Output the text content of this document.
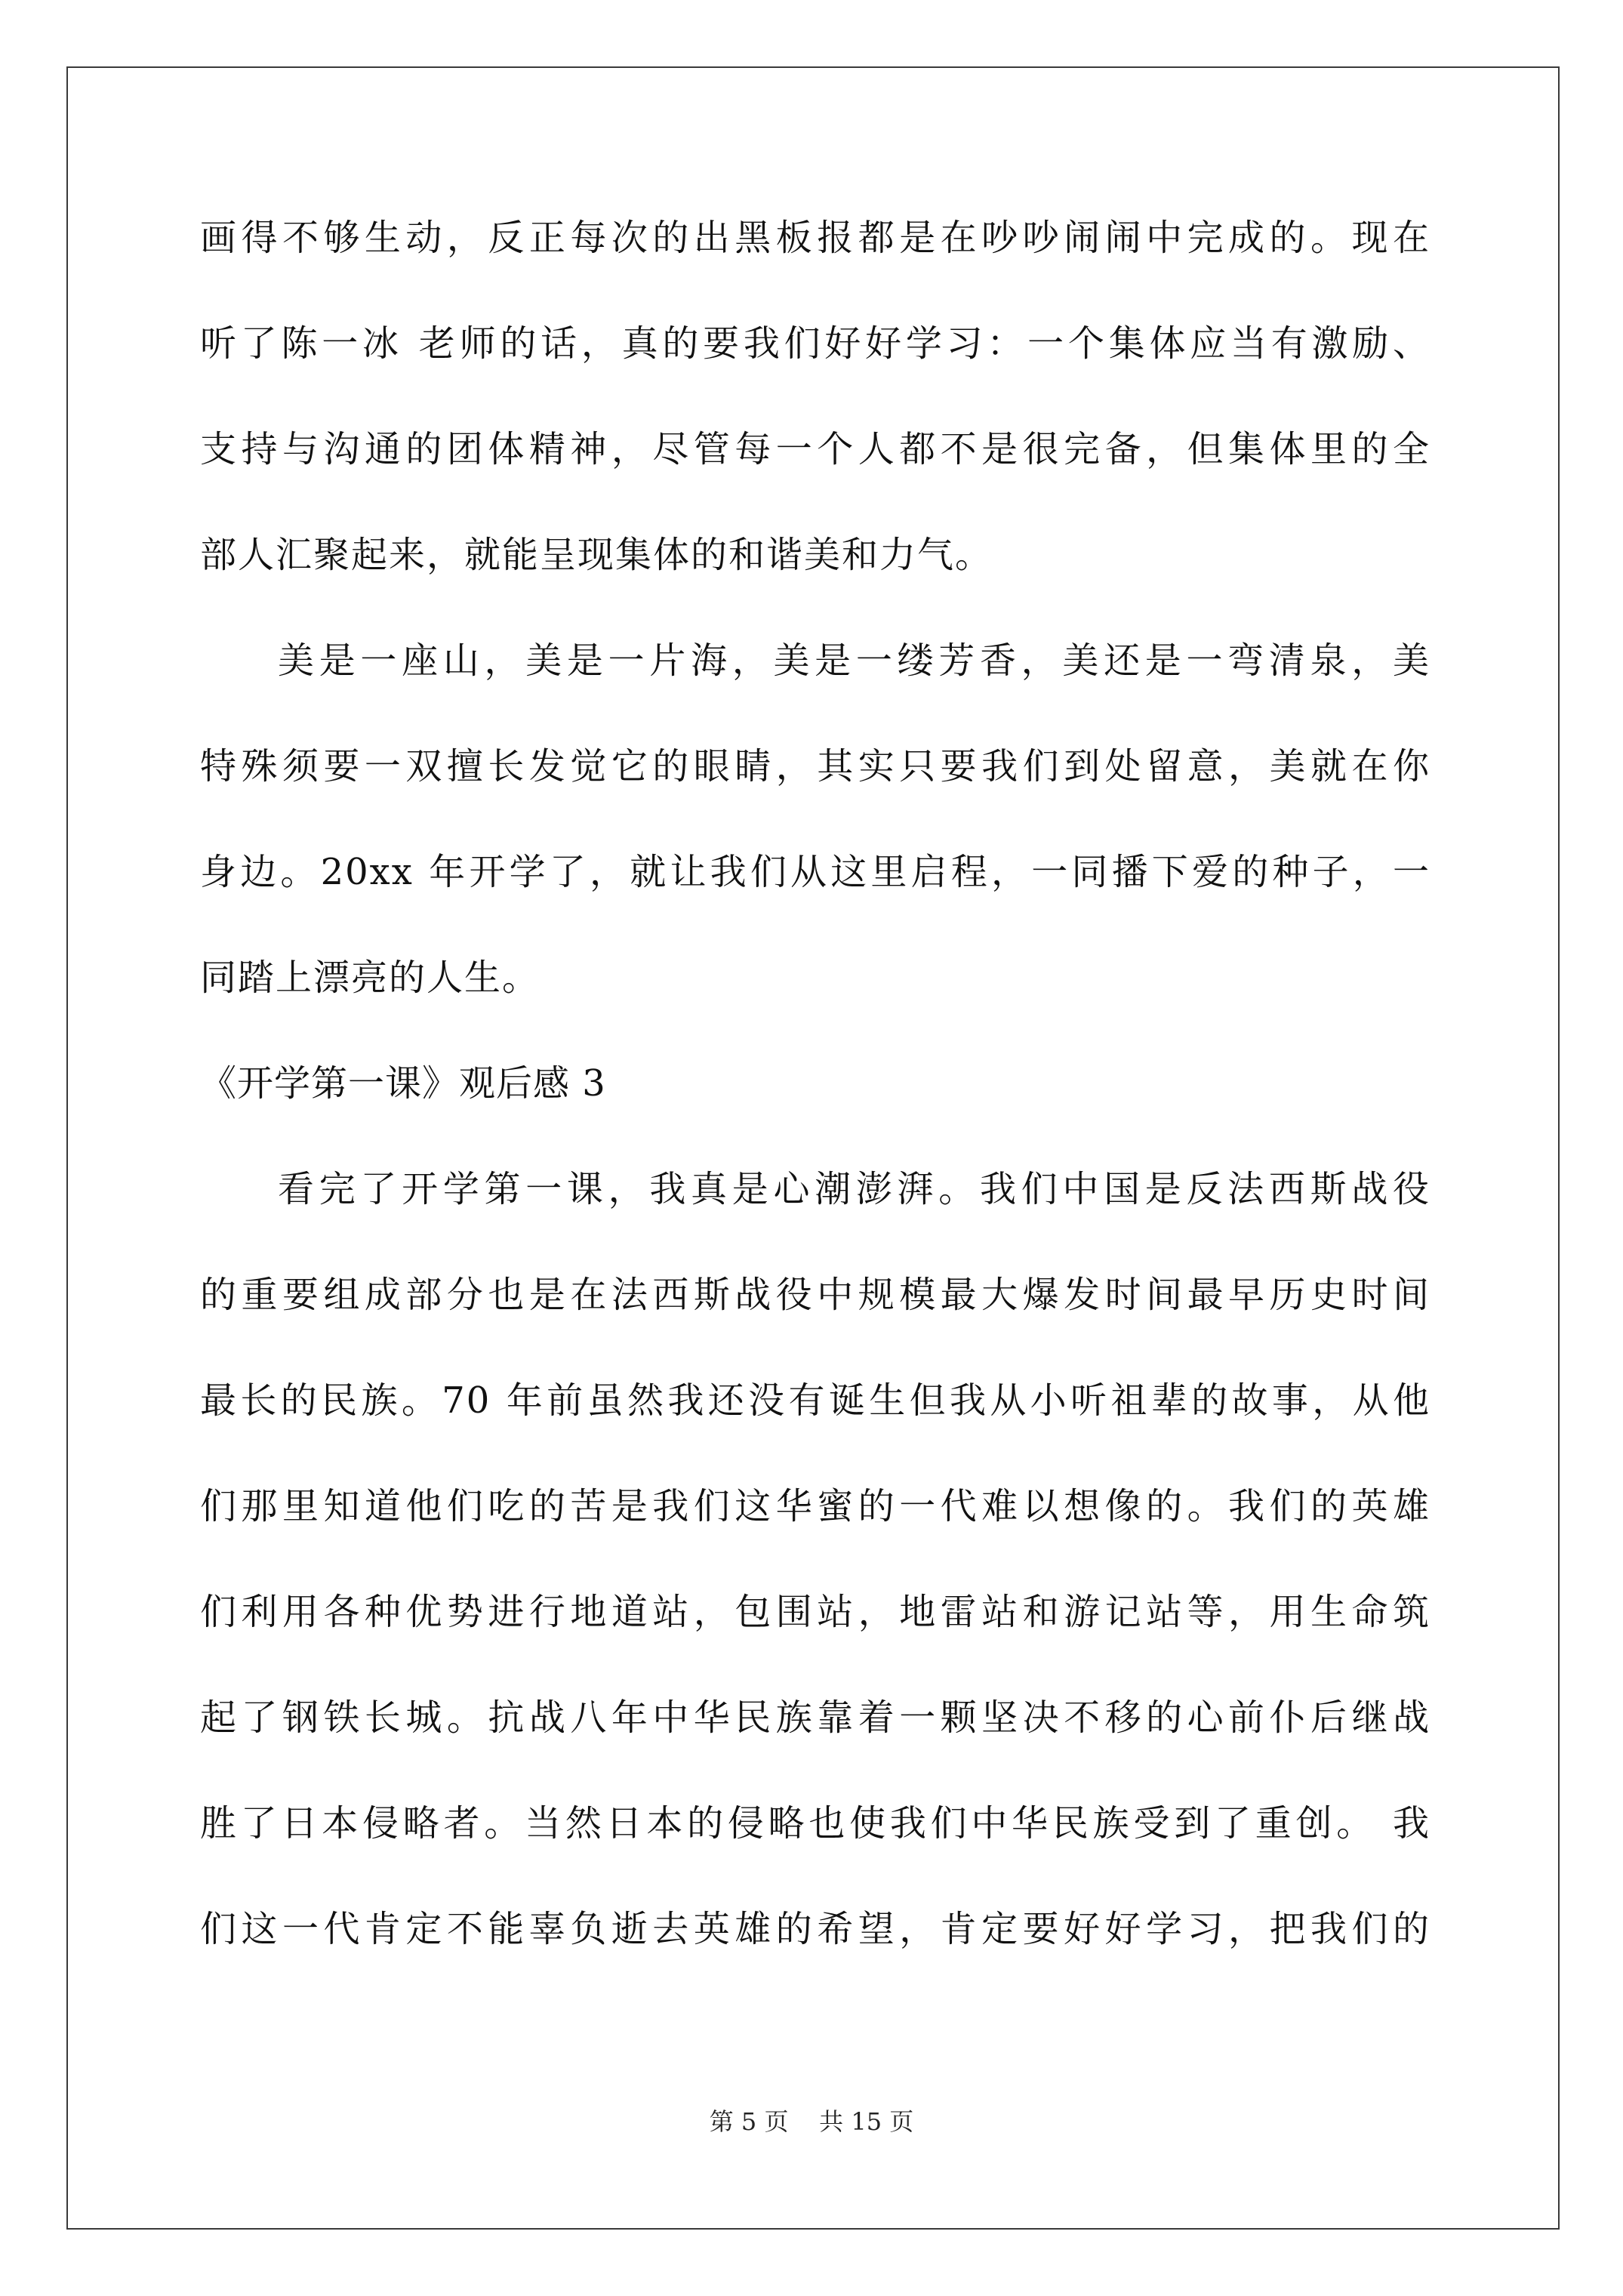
画得不够生动，反正每次的出黑板报都是在吵吵闹闹中完成的。现在
听了陈一冰 老师的话，真的要我们好好学习：一个集体应当有激励、
支持与沟通的团体精神，尽管每一个人都不是很完备，但集体里的全
部人汇聚起来，就能呈现集体的和谐美和力气。
美是一座山，美是一片海，美是一缕芳香，美还是一弯清泉，美
特殊须要一双擅长发觉它的眼睛，其实只要我们到处留意，美就在你
身边。20xx 年开学了，就让我们从这里启程，一同播下爱的种子，一
同踏上漂亮的人生。
《开学第一课》观后感 3
看完了开学第一课，我真是心潮澎湃。我们中国是反法西斯战役
的重要组成部分也是在法西斯战役中规模最大爆发时间最早历史时间
最长的民族。70 年前虽然我还没有诞生但我从小听祖辈的故事，从他
们那里知道他们吃的苦是我们这华蜜的一代难以想像的。我们的英雄
们利用各种优势进行地道站，包围站，地雷站和游记站等，用生命筑
起了钢铁长城。抗战八年中华民族靠着一颗坚决不移的心前仆后继战
胜了日本侵略者。当然日本的侵略也使我们中华民族受到了重创。 我
们这一代肯定不能辜负逝去英雄的希望，肯定要好好学习，把我们的
第 5 页 共 15 页
